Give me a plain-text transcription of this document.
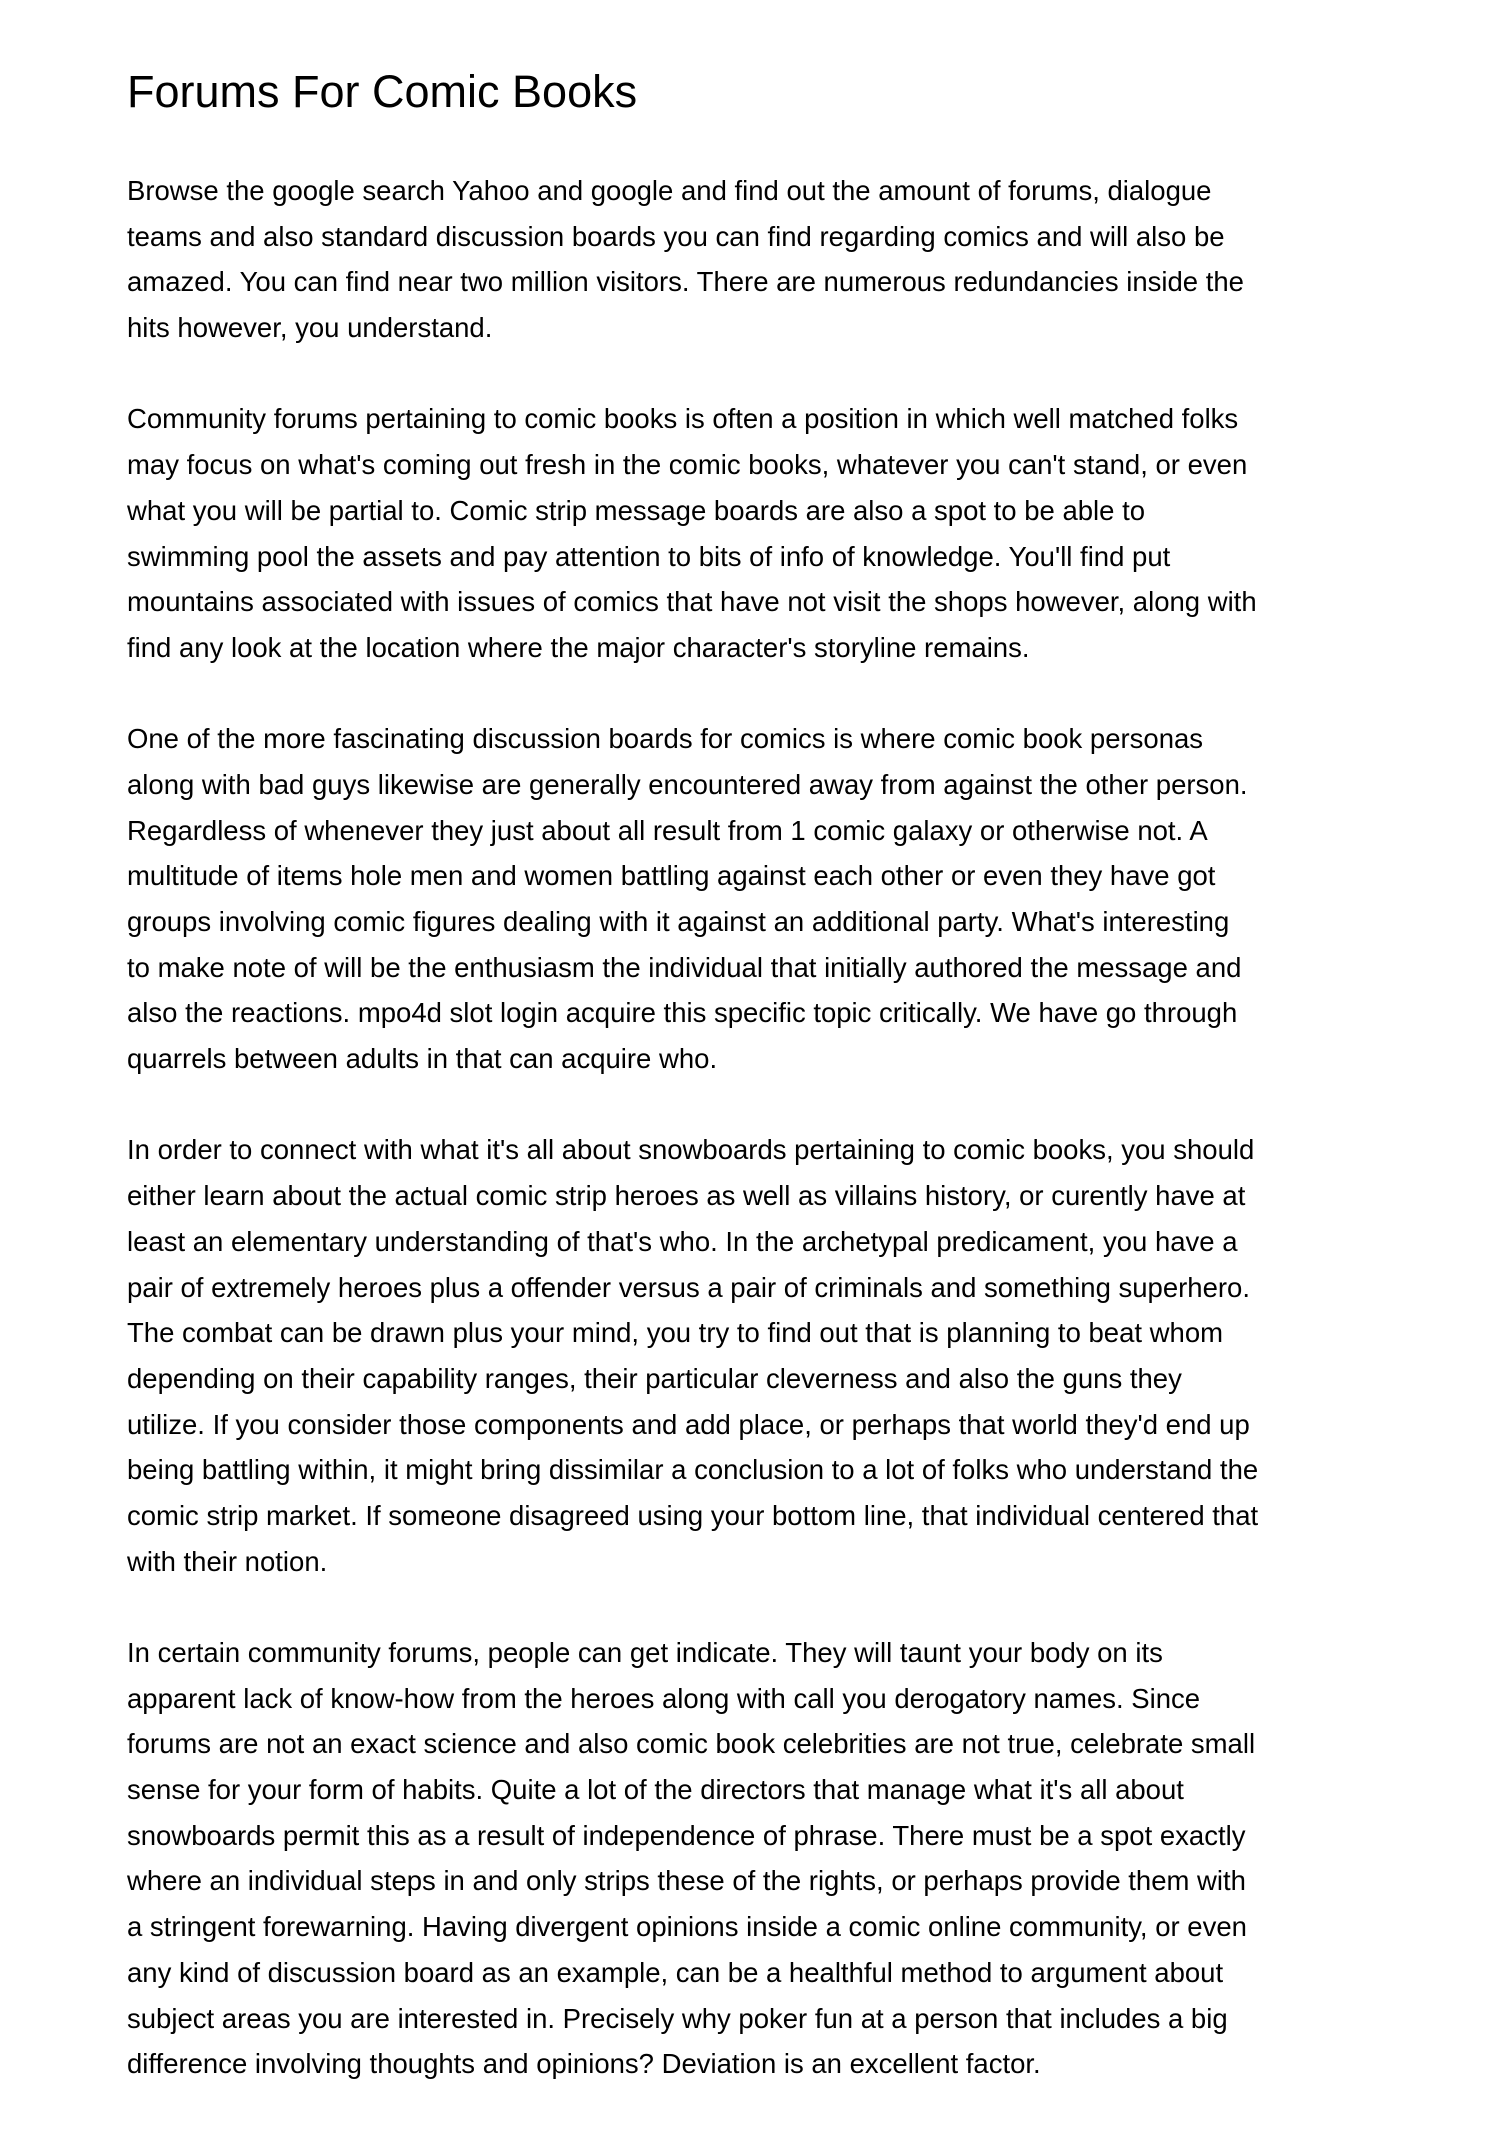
Forums For Comic Books

Browse the google search Yahoo and google and find out the amount of forums, dialogue
teams and also standard discussion boards you can find regarding comics and will also be
amazed. You can find near two million visitors. There are numerous redundancies inside the
hits however, you understand.

Community forums pertaining to comic books is often a position in which well matched folks
may focus on what's coming out fresh in the comic books, whatever you can't stand, or even
what you will be partial to. Comic strip message boards are also a spot to be able to
swimming pool the assets and pay attention to bits of info of knowledge. You'll find put
mountains associated with issues of comics that have not visit the shops however, along with
find any look at the location where the major character's storyline remains.

One of the more fascinating discussion boards for comics is where comic book personas
along with bad guys likewise are generally encountered away from against the other person.
Regardless of whenever they just about all result from 1 comic galaxy or otherwise not. A
multitude of items hole men and women battling against each other or even they have got
groups involving comic figures dealing with it against an additional party. What's interesting
to make note of will be the enthusiasm the individual that initially authored the message and
also the reactions. mpo4d slot login acquire this specific topic critically. We have go through
quarrels between adults in that can acquire who.

In order to connect with what it's all about snowboards pertaining to comic books, you should
either learn about the actual comic strip heroes as well as villains history, or curently have at
least an elementary understanding of that's who. In the archetypal predicament, you have a
pair of extremely heroes plus a offender versus a pair of criminals and something superhero.
The combat can be drawn plus your mind, you try to find out that is planning to beat whom
depending on their capability ranges, their particular cleverness and also the guns they
utilize. If you consider those components and add place, or perhaps that world they'd end up
being battling within, it might bring dissimilar a conclusion to a lot of folks who understand the
comic strip market. If someone disagreed using your bottom line, that individual centered that
with their notion.

In certain community forums, people can get indicate. They will taunt your body on its
apparent lack of know-how from the heroes along with call you derogatory names. Since
forums are not an exact science and also comic book celebrities are not true, celebrate small
sense for your form of habits. Quite a lot of the directors that manage what it's all about
snowboards permit this as a result of independence of phrase. There must be a spot exactly
where an individual steps in and only strips these of the rights, or perhaps provide them with
a stringent forewarning. Having divergent opinions inside a comic online community, or even
any kind of discussion board as an example, can be a healthful method to argument about
subject areas you are interested in. Precisely why poker fun at a person that includes a big
difference involving thoughts and opinions? Deviation is an excellent factor.
